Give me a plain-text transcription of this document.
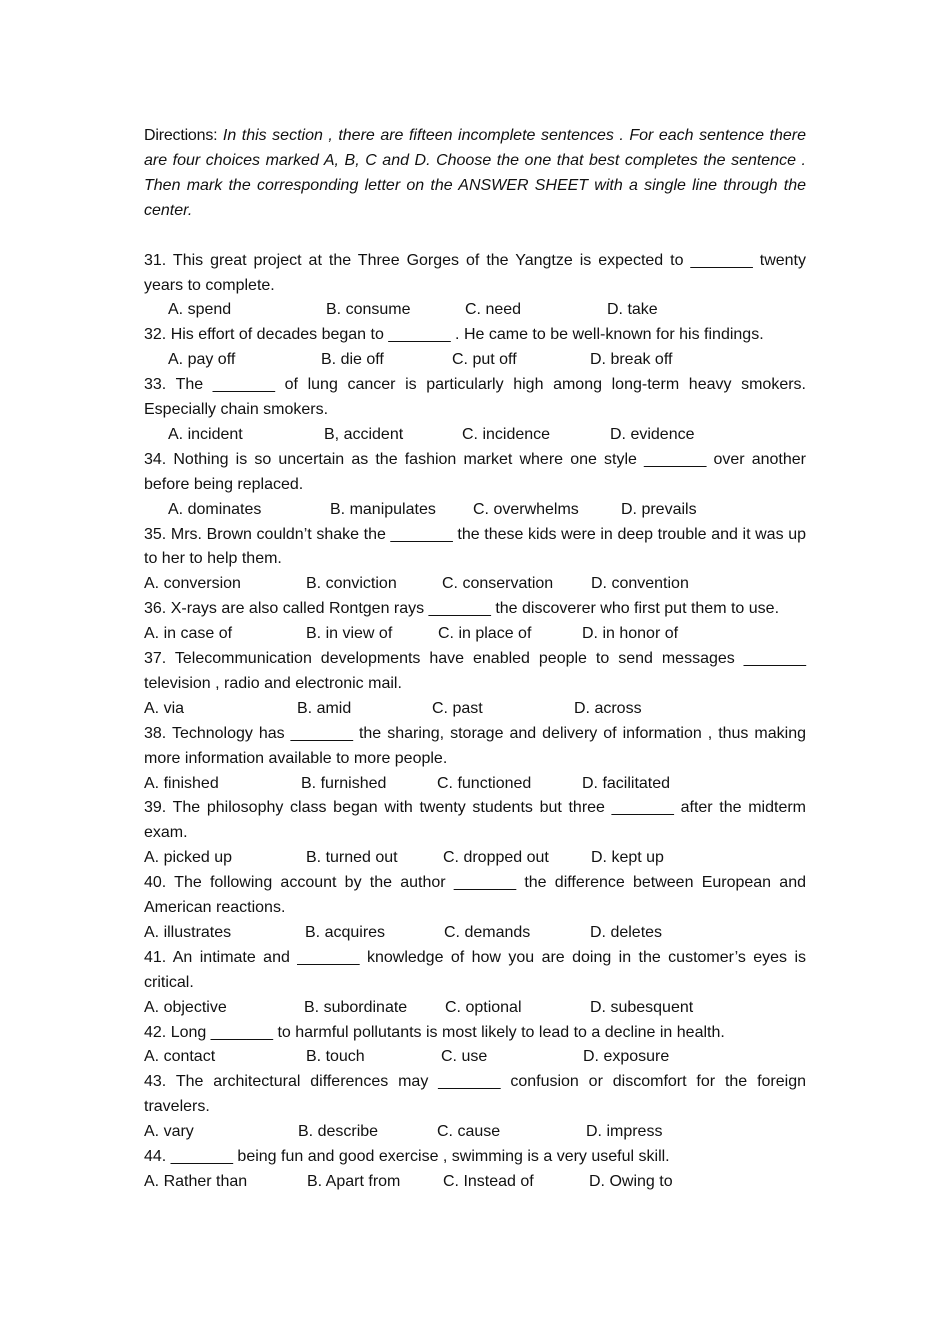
Directions: In this section , there are fifteen incomplete sentences . For each sentence there are four choices marked A, B, C and D. Choose the one that best completes the sentence . Then mark the corresponding letter on the ANSWER SHEET with a single line through the center.

31. This great project at the Three Gorges of the Yangtze is expected to _______ twenty years to complete.

A. spend	B. consume	C. need	D. take

32. His effort of decades began to _______ . He came to be well-known for his findings.

A. pay off	B. die off	C. put off	D. break off

33. The _______ of lung cancer is particularly high among long-term heavy smokers. Especially chain smokers.

A. incident	B, accident	C. incidence	D. evidence

34. Nothing is so uncertain as the fashion market where one style _______ over another before being replaced.

A. dominates	B. manipulates C. overwhelms	D. prevails

35. Mrs. Brown couldn’t shake the _______ the these kids were in deep trouble and it was up to her to help them.

A. conversion	B. conviction	C. conservation D. convention

36. X-rays are also called Rontgen rays _______ the discoverer who first put them to use.

A. in case of	B. in view of	C. in place of	D. in honor of

37. Telecommunication developments have enabled people to send messages _______ television , radio and electronic mail.

A. via	B. amid	C. past	D. across

38. Technology has _______ the sharing, storage and delivery of information , thus making more information available to more people.

A. finished	B. furnished	C. functioned	D. facilitated

39. The philosophy class began with twenty students but three _______ after the midterm exam.

A. picked up	B. turned out	C. dropped out	D. kept up

40. The following account by the author _______ the difference between European and American reactions.

A. illustrates	B. acquires	C. demands	D. deletes

41. An intimate and _______ knowledge of how you are doing in the customer’s eyes is critical.

A. objective	B. subordinate C. optional	D. subesquent

42. Long _______ to harmful pollutants is most likely to lead to a decline in health.

A. contact	B. touch	C. use	D. exposure

43. The architectural differences may _______ confusion or discomfort for the foreign travelers.

A. vary	B. describe	C. cause	D. impress

44. _______ being fun and good exercise , swimming is a very useful skill.

A. Rather than	B. Apart from	C. Instead of	D. Owing to
